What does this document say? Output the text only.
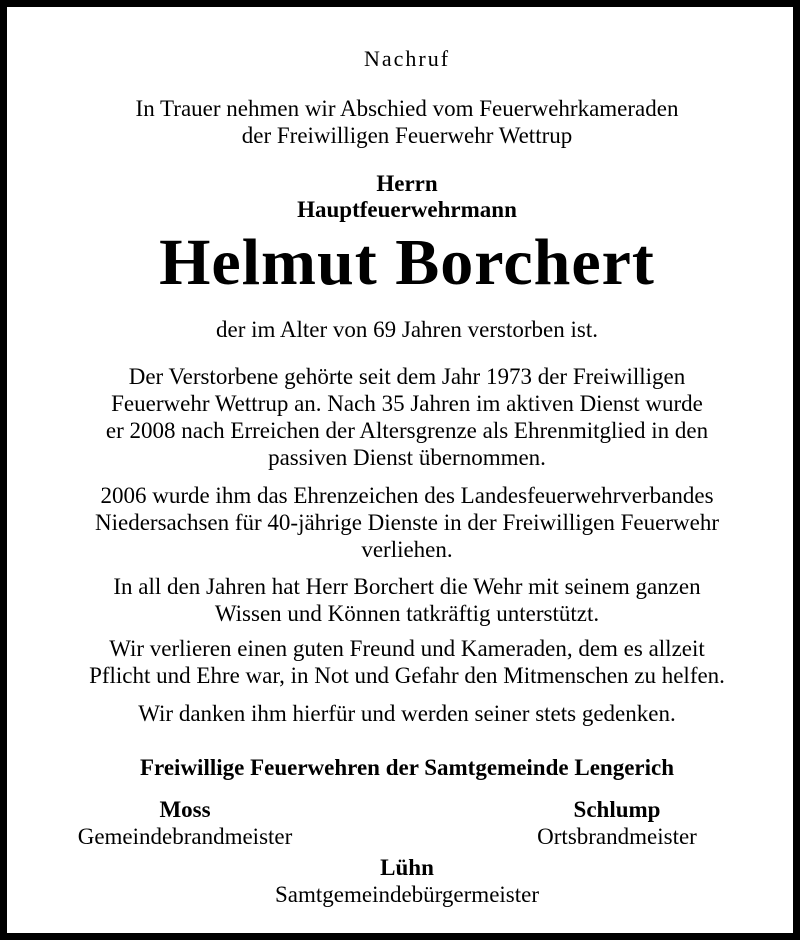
Nachruf
In Trauer nehmen wir Abschied vom Feuerwehrkameraden
der Freiwilligen Feuerwehr Wettrup
Herrn
Hauptfeuerwehrmann
Helmut Borchert
der im Alter von 69 Jahren verstorben ist.
Der Verstorbene gehörte seit dem Jahr 1973 der Freiwilligen
Feuerwehr Wettrup an. Nach 35 Jahren im aktiven Dienst wurde
er 2008 nach Erreichen der Altersgrenze als Ehrenmitglied in den
passiven Dienst übernommen.
2006 wurde ihm das Ehrenzeichen des Landesfeuerwehrverbandes
Niedersachsen für 40-jährige Dienste in der Freiwilligen Feuerwehr
verliehen.
In all den Jahren hat Herr Borchert die Wehr mit seinem ganzen
Wissen und Können tatkräftig unterstützt.
Wir verlieren einen guten Freund und Kameraden, dem es allzeit
Pflicht und Ehre war, in Not und Gefahr den Mitmenschen zu helfen.
Wir danken ihm hierfür und werden seiner stets gedenken.
Freiwillige Feuerwehren der Samtgemeinde Lengerich
Moss
Gemeindebrandmeister
Schlump
Ortsbrandmeister
Lühn
Samtgemeindebürgermeister
